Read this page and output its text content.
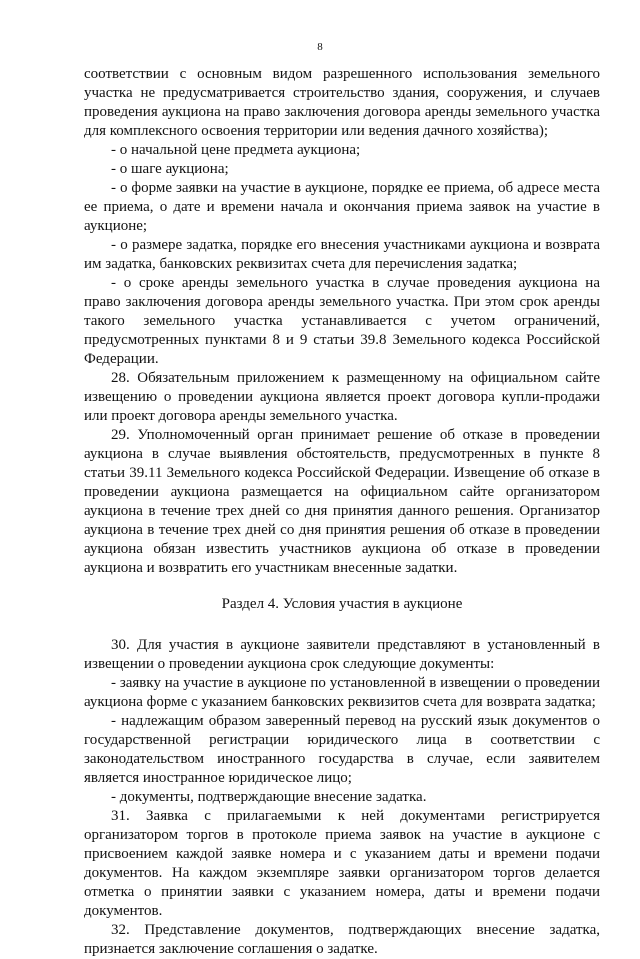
8

соответствии с основным видом разрешенного использования земельного участка не предусматривается строительство здания, сооружения, и случаев проведения аукциона на право заключения договора аренды земельного участка для комплексного освоения территории или ведения дачного хозяйства);

- о начальной цене предмета аукциона;

- о шаге аукциона;

- о форме заявки на участие в аукционе, порядке ее приема, об адресе места ее приема, о дате и времени начала и окончания приема заявок на участие в аукционе;

- о размере задатка, порядке его внесения участниками аукциона и возврата им задатка, банковских реквизитах счета для перечисления задатка;

- о сроке аренды земельного участка в случае проведения аукциона на право заключения договора аренды земельного участка. При этом срок аренды такого земельного участка устанавливается с учетом ограничений, предусмотренных пунктами 8 и 9 статьи 39.8 Земельного кодекса Российской Федерации.

28. Обязательным приложением к размещенному на официальном сайте извещению о проведении аукциона является проект договора купли-продажи или проект договора аренды земельного участка.

29. Уполномоченный орган принимает решение об отказе в проведении аукциона в случае выявления обстоятельств, предусмотренных в пункте 8 статьи 39.11 Земельного кодекса Российской Федерации. Извещение об отказе в проведении аукциона размещается на официальном сайте организатором аукциона в течение трех дней со дня принятия данного решения. Организатор аукциона в течение трех дней со дня принятия решения об отказе в проведении аукциона обязан известить участников аукциона об отказе в проведении аукциона и возвратить его участникам внесенные задатки.

Раздел 4. Условия участия в аукционе

30. Для участия в аукционе заявители представляют в установленный в извещении о проведении аукциона срок следующие документы:

- заявку на участие в аукционе по установленной в извещении о проведении аукциона форме с указанием банковских реквизитов счета для возврата задатка;

- надлежащим образом заверенный перевод на русский язык документов о государственной регистрации юридического лица в соответствии с законодательством иностранного государства в случае, если заявителем является иностранное юридическое лицо;

- документы, подтверждающие внесение задатка.

31. Заявка с прилагаемыми к ней документами регистрируется организатором торгов в протоколе приема заявок на участие в аукционе с присвоением каждой заявке номера и с указанием даты и времени подачи документов. На каждом экземпляре заявки организатором торгов делается отметка о принятии заявки с указанием номера, даты и времени подачи документов.

32. Представление документов, подтверждающих внесение задатка, признается заключение соглашения о задатке.
